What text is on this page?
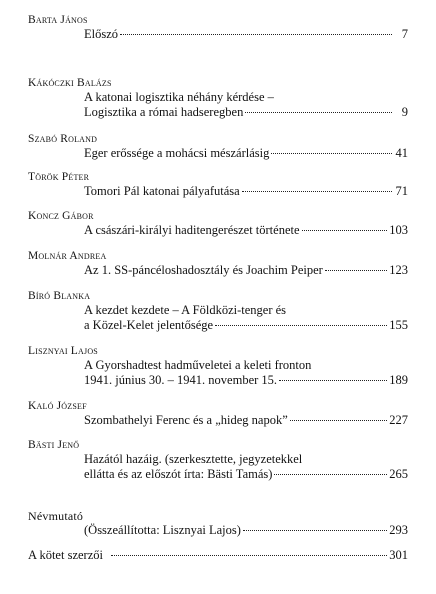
Barta János
Előszó	7
Kákóczki Balázs
A katonai logisztika néhány kérdése –
Logisztika a római hadseregben	9
Szabó Roland
Eger erőssége a mohácsi mészárlásig	41
Török Péter
Tomori Pál katonai pályafutása	71
Koncz Gábor
A császári-királyi haditengerészet története	103
Molnár Andrea
Az 1. SS-páncéloshadosztály és Joachim Peiper	123
Bíró Blanka
A kezdet kezdete – A Földközi-tenger és
a Közel-Kelet jelentősége	155
Lisznyai Lajos
A Gyorshadtest hadműveletei a keleti fronton
1941. június 30. – 1941. november 15.	189
Kaló József
Szombathelyi Ferenc és a „hideg napok”	227
Bästi Jenő
Hazától hazáig. (szerkesztette, jegyzetekkel
ellátta és az előszót írta: Bästi Tamás)	265
Névmutató
(Összeállította: Lisznyai Lajos)	293
A kötet szerzői	301
